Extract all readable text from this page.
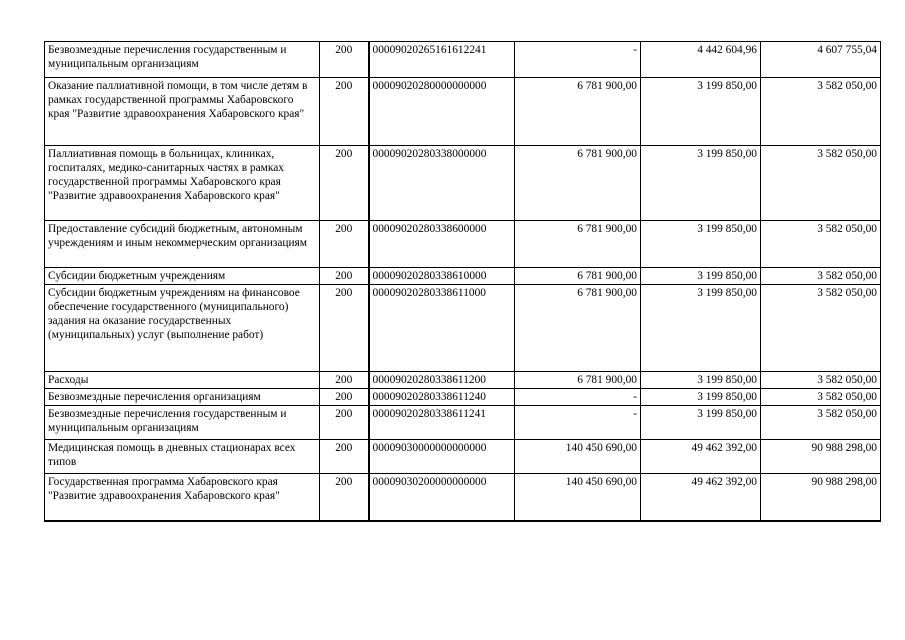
Безвозмездные перечисления государственным и муниципальным организациям	200	00009020265161612241	-	4 442 604,96	4 607 755,04
Оказание паллиативной помощи, в том числе детям в рамках государственной программы Хабаровского края "Развитие здравоохранения Хабаровского края"	200	00009020280000000000	6 781 900,00	3 199 850,00	3 582 050,00
Паллиативная помощь в больницах, клиниках, госпиталях, медико-санитарных частях в рамках государственной программы Хабаровского края "Развитие здравоохранения Хабаровского края"	200	00009020280338000000	6 781 900,00	3 199 850,00	3 582 050,00
Предоставление субсидий бюджетным, автономным учреждениям и иным некоммерческим организациям	200	00009020280338600000	6 781 900,00	3 199 850,00	3 582 050,00
Субсидии бюджетным учреждениям	200	00009020280338610000	6 781 900,00	3 199 850,00	3 582 050,00
Субсидии бюджетным учреждениям на финансовое обеспечение государственного (муниципального) задания на оказание государственных (муниципальных) услуг (выполнение работ)	200	00009020280338611000	6 781 900,00	3 199 850,00	3 582 050,00
Расходы	200	00009020280338611200	6 781 900,00	3 199 850,00	3 582 050,00
Безвозмездные перечисления организациям	200	00009020280338611240	-	3 199 850,00	3 582 050,00
Безвозмездные перечисления государственным и муниципальным организациям	200	00009020280338611241	-	3 199 850,00	3 582 050,00
Медицинская помощь в дневных стационарах всех типов	200	00009030000000000000	140 450 690,00	49 462 392,00	90 988 298,00
Государственная программа Хабаровского края "Развитие здравоохранения Хабаровского края"	200	00009030200000000000	140 450 690,00	49 462 392,00	90 988 298,00
